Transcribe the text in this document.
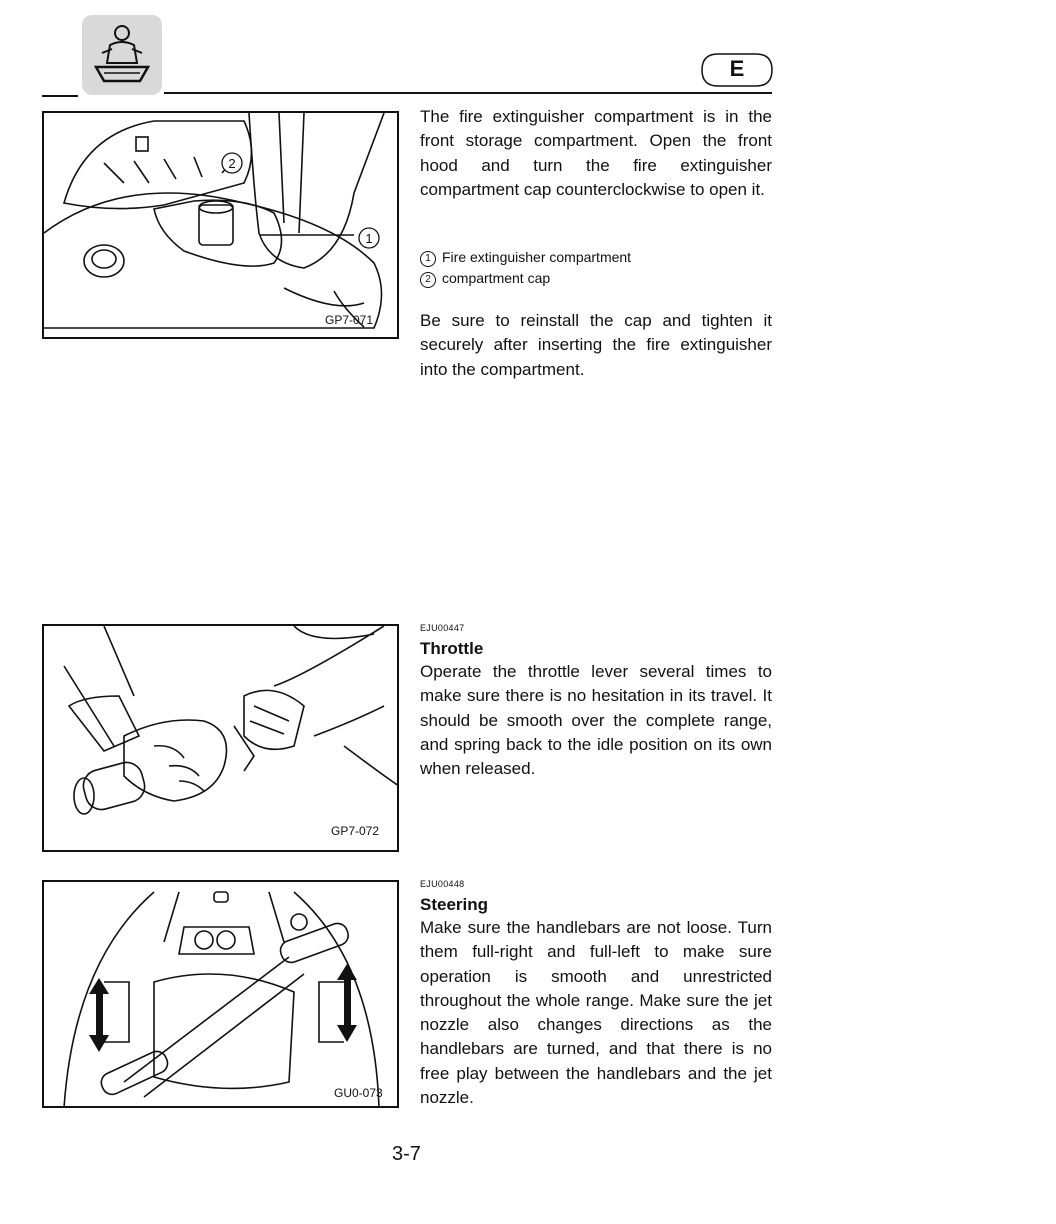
E
2
1
GP7-071
The fire extinguisher compartment is in the front storage compartment. Open the front hood and turn the fire extinguisher compartment cap counterclockwise to open it.
1 Fire extinguisher compartment
2 compartment cap
Be sure to reinstall the cap and tighten it securely after inserting the fire extinguisher into the compartment.
GP7-072
EJU00447
Throttle
Operate the throttle lever several times to make sure there is no hesitation in its travel. It should be smooth over the complete range, and spring back to the idle position on its own when released.
GU0-073
EJU00448
Steering
Make sure the handlebars are not loose. Turn them full-right and full-left to make sure operation is smooth and unrestricted throughout the whole range. Make sure the jet nozzle also changes directions as the handlebars are turned, and that there is no free play between the handlebars and the jet nozzle.
3-7
